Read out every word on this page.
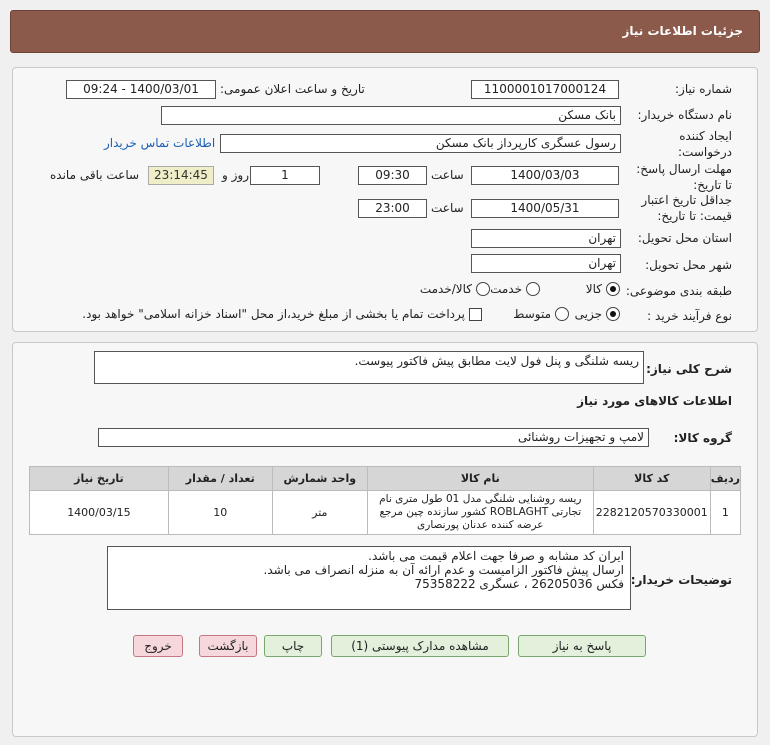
جزئیات اطلاعات نیاز
شماره نیاز:
1100001017000124
تاریخ و ساعت اعلان عمومی:
1400/03/01 - 09:24
نام دستگاه خریدار:
بانک مسکن
ایجاد کننده درخواست:
رسول عسگری کارپرداز بانک مسکن
اطلاعات تماس خریدار
مهلت ارسال پاسخ: تا تاریخ:
1400/03/03
ساعت
09:30
1
روز و
23:14:45
ساعت باقی مانده
جداقل تاریخ اعتبار قیمت: تا تاریخ:
1400/05/31
ساعت
23:00
استان محل تحویل:
تهران
شهر محل تحویل:
تهران
طبقه بندی موضوعی:
کالا
خدمت
کالا/خدمت
نوع فرآیند خرید :
جزیی
متوسط
پرداخت تمام یا بخشی از مبلغ خرید،از محل "اسناد خزانه اسلامی" خواهد بود.
شرح کلی نیاز:
ریسه شلنگی و پنل فول لایت مطابق پیش فاکتور پیوست.
اطلاعات کالاهای مورد نیاز
گروه کالا:
لامپ و تجهیزات روشنائی
ردیف	کد کالا	نام کالا	واحد شمارش	تعداد / مقدار	تاریخ نیاز
1	2282120570330001	ریسه روشنایی شلنگی مدل 01 طول متری نام تجارتی ROBLAGHT کشور سازنده چین مرجع عرضه کننده عدنان پورنصاری	متر	10	1400/03/15
توضیحات خریدار:
ایران کد مشابه و صرفا جهت اعلام قیمت می باشد.
ارسال پیش فاکتور الزامیست و عدم ارائه آن به منزله انصراف می باشد.
فکس 26205036 ، عسگری 75358222
پاسخ به نیاز
مشاهده مدارک پیوستی (1)
چاپ
بازگشت
خروج
